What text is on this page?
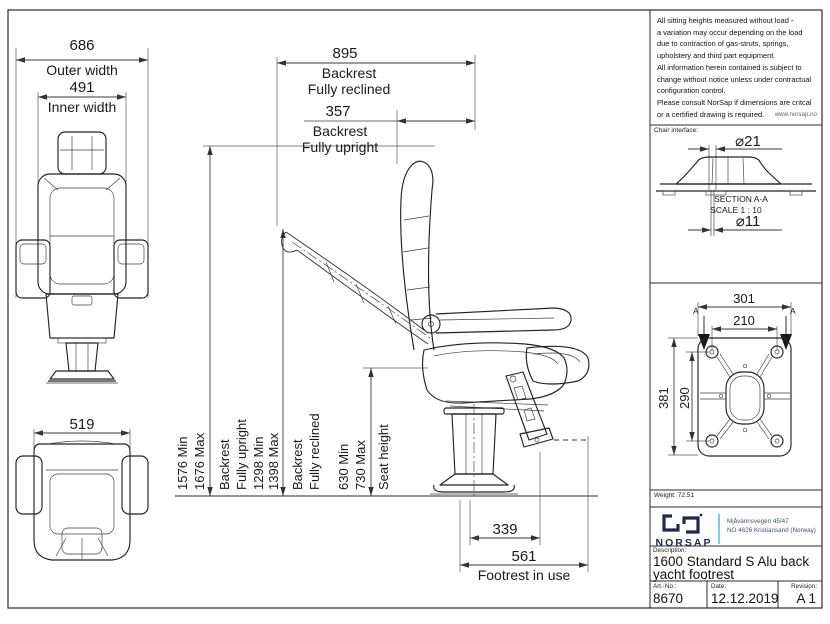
All sitting heights measured without load -
a variation may occur depending on the load
due to contraction of gas-struts, springs,
upholstery and third part equipment.
All information herein contained is subject to
change without notice unless under contractual
configuration control.
Please consult NorSap if dimensions are critcal
or a certified drawing is required.	www.norsap.no
Chair interface:
⌀21
SECTION A-A
SCALE 1 : 10
⌀11
301
210
381 290
A	A
686
Outer width
491
Inner width
519
895
Backrest
Fully reclined
357
Backrest
Fully upright
1576 Min 1676 Max Backrest Fully upright 1298 Min 1398 Max Backrest Fully reclined 630 Min 730 Max Seat height
339
561
Footrest in use
Weight: 72.51
NORSAP
Mjåvannsvegen 45/47
NO 4626 Kristiansand (Norway)
Description:
1600 Standard S Alu back
yacht footrest
Art.-No.:
8670
Date:
12.12.2019
Revision:
A 1
